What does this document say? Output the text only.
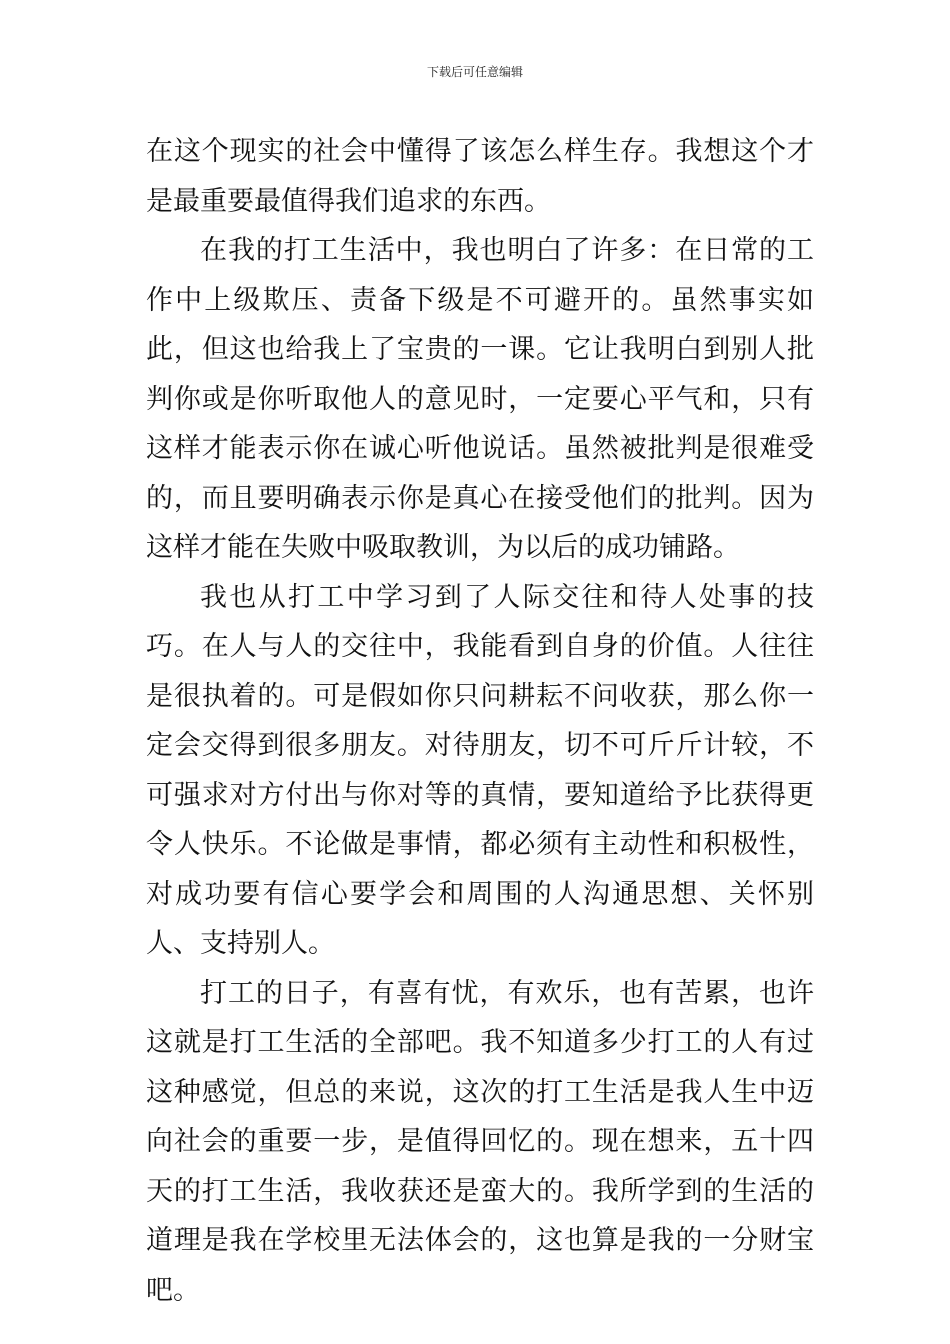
下载后可任意编辑

在这个现实的社会中懂得了该怎么样生存。我想这个才是最重要最值得我们追求的东西。

在我的打工生活中，我也明白了许多：在日常的工作中上级欺压、责备下级是不可避开的。虽然事实如此，但这也给我上了宝贵的一课。它让我明白到别人批判你或是你听取他人的意见时，一定要心平气和，只有这样才能表示你在诚心听他说话。虽然被批判是很难受的，而且要明确表示你是真心在接受他们的批判。因为这样才能在失败中吸取教训，为以后的成功铺路。

我也从打工中学习到了人际交往和待人处事的技巧。在人与人的交往中，我能看到自身的价值。人往往是很执着的。可是假如你只问耕耘不问收获，那么你一定会交得到很多朋友。对待朋友，切不可斤斤计较，不可强求对方付出与你对等的真情，要知道给予比获得更令人快乐。不论做是事情，都必须有主动性和积极性，对成功要有信心要学会和周围的人沟通思想、关怀别人、支持别人。

打工的日子，有喜有忧，有欢乐，也有苦累，也许这就是打工生活的全部吧。我不知道多少打工的人有过这种感觉，但总的来说，这次的打工生活是我人生中迈向社会的重要一步，是值得回忆的。现在想来，五十四天的打工生活，我收获还是蛮大的。我所学到的生活的道理是我在学校里无法体会的，这也算是我的一分财宝吧。
